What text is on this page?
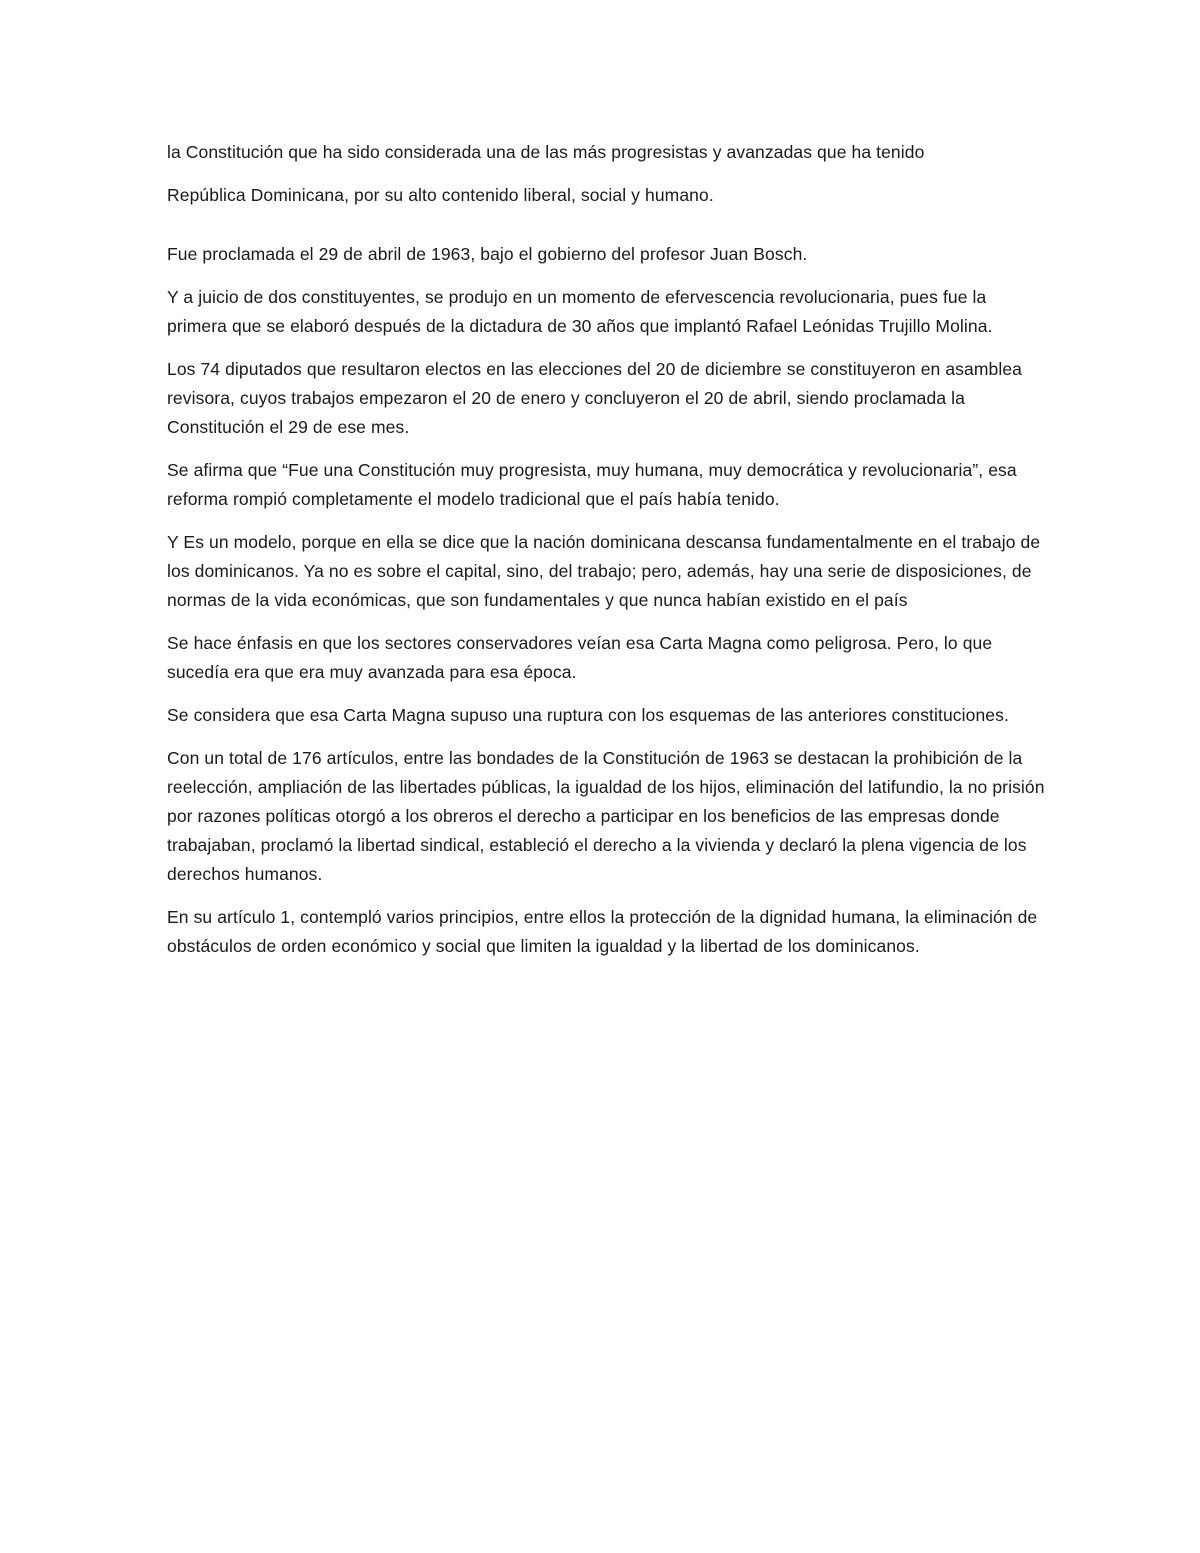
la Constitución que ha sido considerada una de las más progresistas y avanzadas que ha tenido

República Dominicana, por su alto contenido liberal, social y humano.

Fue proclamada el 29 de abril de 1963, bajo el gobierno del profesor Juan Bosch.

Y a juicio de dos constituyentes, se produjo en un momento de efervescencia revolucionaria, pues fue la primera que se elaboró después de la dictadura de 30 años que implantó Rafael Leónidas Trujillo Molina.

Los 74 diputados que resultaron electos en las elecciones del 20 de diciembre se constituyeron en asamblea revisora, cuyos trabajos empezaron el 20 de enero y concluyeron el 20 de abril, siendo proclamada la Constitución el 29 de ese mes.

Se afirma que “Fue una Constitución muy progresista, muy humana, muy democrática y revolucionaria”, esa reforma rompió completamente el modelo tradicional que el país había tenido.

Y Es un modelo, porque en ella se dice que la nación dominicana descansa fundamentalmente en el trabajo de los dominicanos. Ya no es sobre el capital, sino, del trabajo; pero, además, hay una serie de disposiciones, de normas de la vida económicas, que son fundamentales y que nunca habían existido en el país

Se hace énfasis en que los sectores conservadores veían esa Carta Magna como peligrosa. Pero, lo que sucedía era que era muy avanzada para esa época.

Se considera que esa Carta Magna supuso una ruptura con los esquemas de las anteriores constituciones.

Con un total de 176 artículos, entre las bondades de la Constitución de 1963 se destacan la prohibición de la reelección, ampliación de las libertades públicas, la igualdad de los hijos, eliminación del latifundio, la no prisión por razones políticas otorgó a los obreros el derecho a participar en los beneficios de las empresas donde trabajaban, proclamó la libertad sindical, estableció el derecho a la vivienda y declaró la plena vigencia de los derechos humanos.

En su artículo 1, contempló varios principios, entre ellos la protección de la dignidad humana, la eliminación de obstáculos de orden económico y social que limiten la igualdad y la libertad de los dominicanos.
